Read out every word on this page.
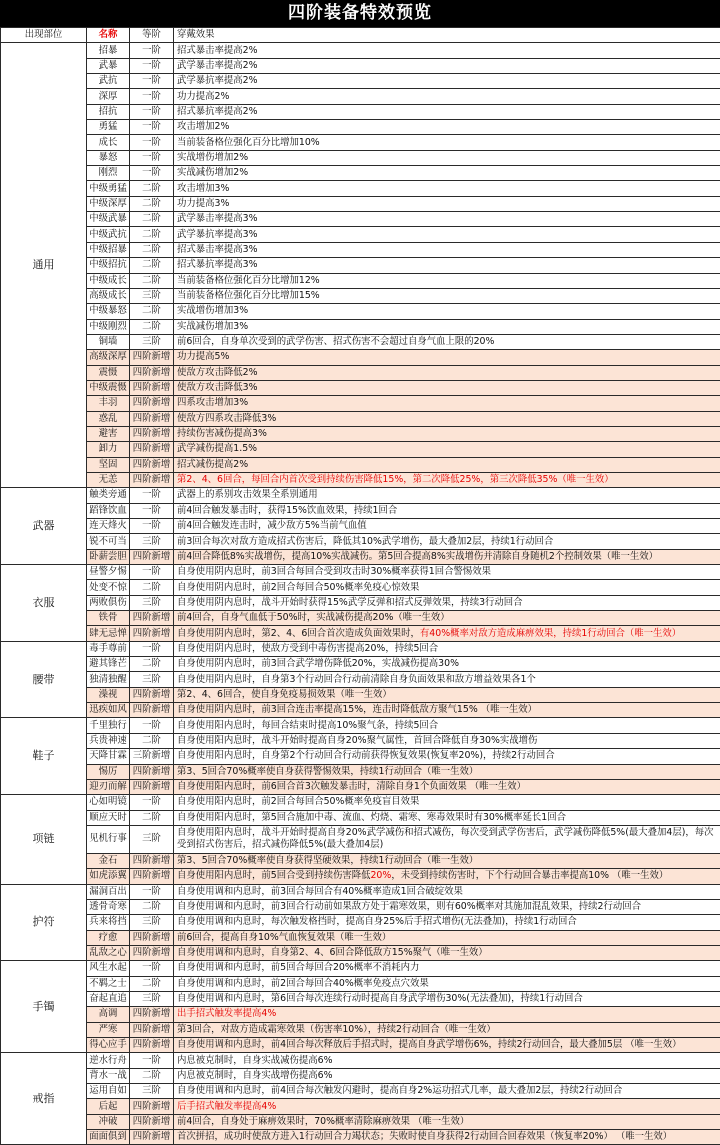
四阶装备特效预览
出现部位	名称	等阶	穿戴效果
通用	招暴	一阶	招式暴击率提高2%
	武暴	一阶	武学暴击率提高2%
	武抗	一阶	武学暴抗率提高2%
	深厚	一阶	功力提高2%
	招抗	一阶	招式暴抗率提高2%
	勇猛	一阶	攻击增加2%
	成长	一阶	当前装备格位强化百分比增加10%
	暴怒	一阶	实战增伤增加2%
	刚烈	一阶	实战减伤增加2%
	中级勇猛	二阶	攻击增加3%
	中级深厚	二阶	功力提高3%
	中级武暴	二阶	武学暴击率提高3%
	中级武抗	二阶	武学暴抗率提高3%
	中级招暴	二阶	招式暴击率提高3%
	中级招抗	二阶	招式暴抗率提高3%
	中级成长	二阶	当前装备格位强化百分比增加12%
	高级成长	三阶	当前装备格位强化百分比增加15%
	中级暴怒	二阶	实战增伤增加3%
	中级刚烈	二阶	实战减伤增加3%
	铜墙	三阶	前6回合，自身单次受到的武学伤害、招式伤害不会超过自身气血上限的20%
	高级深厚	四阶新增	功力提高5%
	震慑	四阶新增	使敌方攻击降低2%
	中级震慑	四阶新增	使敌方攻击降低3%
	丰羽	四阶新增	四系攻击增加3%
	惑乱	四阶新增	使敌方四系攻击降低3%
	避害	四阶新增	持续伤害减伤提高3%
	卸力	四阶新增	武学减伤提高1.5%
	坚固	四阶新增	招式减伤提高2%
	无恙	四阶新增	第2、4、6回合，每回合内首次受到持续伤害降低15%，第二次降低25%，第三次降低35%（唯一生效）
武器	触类旁通	一阶	武器上的系别攻击效果全系别通用
	蹈锋饮血	一阶	前4回合触发暴击时，获得15%饮血效果，持续1回合
	连天烽火	一阶	前4回合触发连击时，减少敌方5%当前气血值
	锐不可当	三阶	前3回合每次对敌方造成招式伤害后，降低其10%武学增伤，最大叠加2层，持续1行动回合
	卧薪尝胆	四阶新增	前4回合降低8%实战增伤，提高10%实战减伤。第5回合提高8%实战增伤并清除自身随机2个控制效果（唯一生效）
衣服	昼警夕惕	一阶	自身使用阴内息时，前3回合每回合受到攻击时30%概率获得1回合警惕效果
	处变不惊	二阶	自身使用阴内息时，前2回合每回合50%概率免疫心惊效果
	两败俱伤	三阶	自身使用阴内息时，战斗开始时获得15%武学反弹和招式反弹效果，持续3行动回合
	铁骨	四阶新增	前4回合，自身气血低于50%时，实战减伤提高20%（唯一生效）
	肆无忌惮	四阶新增	自身使用阴内息时，第2、4、6回合首次造成负面效果时，有40%概率对敌方造成麻痹效果，持续1行动回合（唯一生效）
腰带	毒手尊前	一阶	自身使用阴内息时，使敌方受到中毒伤害提高20%，持续5回合
	避其锋芒	二阶	自身使用阴内息时，前3回合武学增伤降低20%，实战减伤提高30%
	独清独醒	三阶	自身使用阴内息时，自身第3个行动回合行动前清除自身负面效果和敌方增益效果各1个
	澡视	四阶新增	第2、4、6回合，使自身免疫易损效果（唯一生效）
	迅疾如风	四阶新增	自身使用阴内息时，前3回合连击率提高15%，连击时降低敌方聚气15% （唯一生效）
鞋子	千里独行	一阶	自身使用阳内息时，每回合结束时提高10%聚气条，持续5回合
	兵贵神速	二阶	自身使用阳内息时，战斗开始时提高自身20%聚气属性，首回合降低自身30%实战增伤
	天降甘霖	三阶新增	自身使用阳内息时，自身第2个行动回合行动前获得恢复效果(恢复率20%)，持续2行动回合
	惕厉	四阶新增	第3、5回合70%概率使自身获得警惕效果，持续1行动回合（唯一生效）
	迎刃而解	四阶新增	自身使用阳内息时，前6回合首3次触发暴击时，清除自身1个负面效果 （唯一生效）
项链	心如明镜	一阶	自身使用阳内息时，前2回合每回合50%概率免疫盲目效果
	顺应天时	二阶	自身使用阳内息时，第5回合施加中毒、流血、灼烧、霜寒、寒毒效果时有30%概率延长1回合
	见机行事	三阶	自身使用阳内息时，战斗开始时提高自身20%武学减伤和招式减伤，每次受到武学伤害后，武学减伤降低5%(最大叠加4层)，每次受到招式伤害后，招式减伤降低5%(最大叠加4层)
	金石	四阶新增	第3、5回合70%概率使自身获得坚硬效果，持续1行动回合（唯一生效）
	如虎添翼	四阶新增	自身使用阳内息时，前5回合受到持续伤害降低20%，未受到持续伤害时，下个行动回合暴击率提高10% （唯一生效）
护符	漏洞百出	一阶	自身使用调和内息时，前3回合每回合有40%概率造成1回合破绽效果
	透骨奇寒	二阶	自身使用调和内息时，前3回合行动前如果敌方处于霜寒效果，则有60%概率对其施加混乱效果，持续2行动回合
	兵来将挡	三阶	自身使用调和内息时，每次触发格挡时，提高自身25%后手招式增伤(无法叠加)，持续1行动回合
	疗愈	四阶新增	前6回合，提高自身10%气血恢复效果（唯一生效）
	乱敌之心	四阶新增	自身使用调和内息时，自身第2、4、6回合降低敌方15%聚气（唯一生效）
手镯	风生水起	一阶	自身使用调和内息时，前5回合每回合20%概率不消耗内力
	不羁之士	二阶	自身使用调和内息时，前2回合每回合40%概率免疫点穴效果
	奋起直追	三阶	自身使用调和内息时，第6回合每次连续行动时提高自身武学增伤30%(无法叠加)，持续1行动回合
	高调	四阶新增	出手招式触发率提高4%
	严寒	四阶新增	第3回合，对敌方造成霜寒效果（伤害率10%），持续2行动回合（唯一生效）
	得心应手	四阶新增	自身使用调和内息时，前4回合每次释放后手招式时，提高自身武学增伤6%，持续2行动回合，最大叠加5层 （唯一生效）
戒指	逆水行舟	一阶	内息被克制时，自身实战减伤提高6%
	背水一战	二阶	内息被克制时，自身实战增伤提高6%
	运用自如	三阶	自身使用调和内息时，前4回合每次触发闪避时，提高自身2%运功招式几率，最大叠加2层，持续2行动回合
	后起	四阶新增	后手招式触发率提高4%
	冲破	四阶新增	前4回合，自身处于麻痹效果时，70%概率清除麻痹效果 （唯一生效）
	面面俱到	四阶新增	首次拼招，成功时使敌方进入1行动回合力竭状态；失败时使自身获得2行动回合回春效果（恢复率20%） （唯一生效）
